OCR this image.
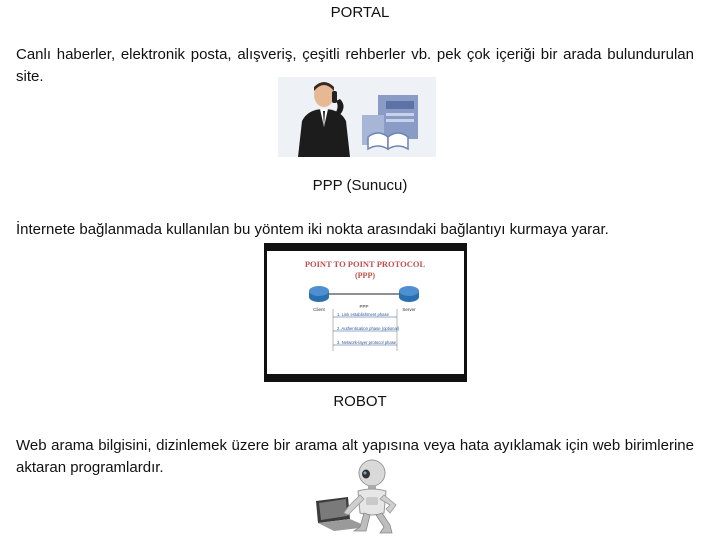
PORTAL
Canlı haberler, elektronik posta, alışveriş, çeşitli rehberler vb. pek çok içeriği bir arada bulundurulan site.
PPP (Sunucu)
İnternete bağlanmada kullanılan bu yöntem iki nokta arasındaki bağlantıyı kurmaya yarar.
POINT TO POINT PROTOCOL
(PPP)
Client	Server
PPP
1. Link establishment phase
2. Authentication phase (optional)
3. Network-layer protocol phase
ROBOT
Web arama bilgisini, dizinlemek üzere bir arama alt yapısına veya hata ayıklamak için web birimlerine aktaran programlardır.
